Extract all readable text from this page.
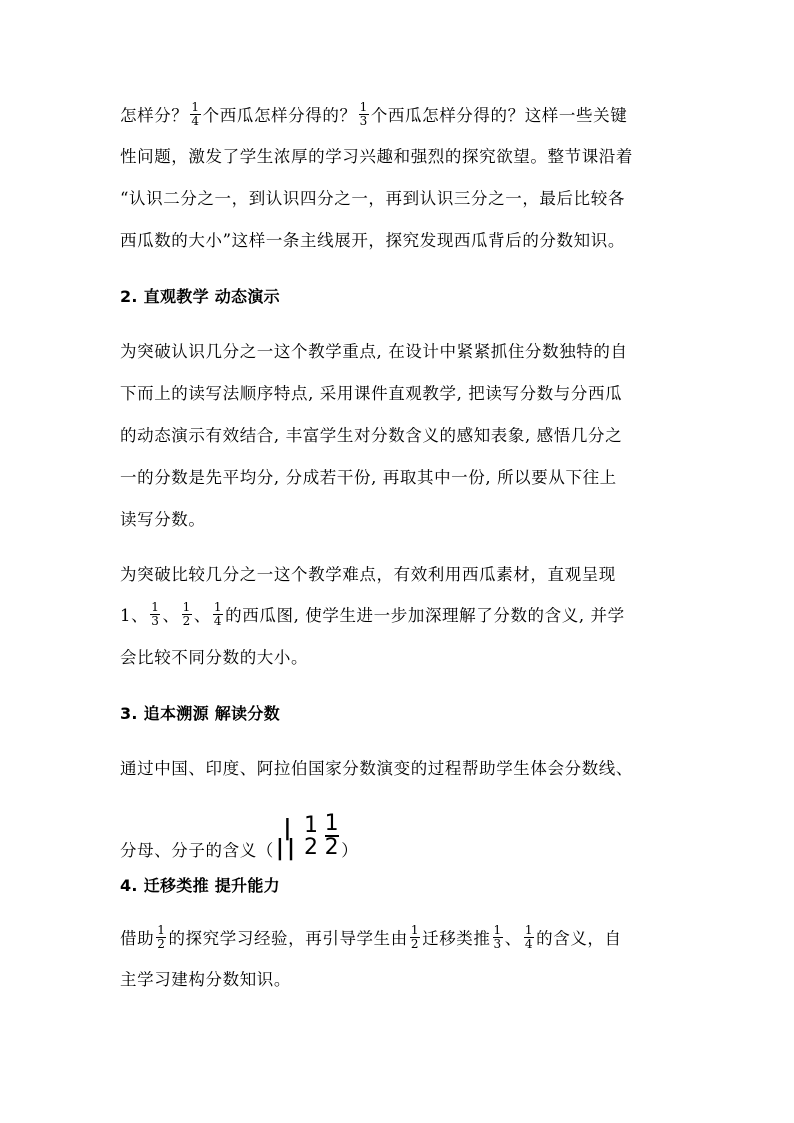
怎样分？ $\frac{1}{4}$ 个西瓜怎样分得的？ $\frac{1}{3}$ 个西瓜怎样分得的？这样一些关键
性问题，激发了学生浓厚的学习兴趣和强烈的探究欲望。整节课沿着
“认识二分之一，到认识四分之一，再到认识三分之一，最后比较各
西瓜数的大小”这样一条主线展开，探究发现西瓜背后的分数知识。
2. 直观教学 动态演示
为突破认识几分之一这个教学重点, 在设计中紧紧抓住分数独特的自
下而上的读写法顺序特点, 采用课件直观教学, 把读写分数与分西瓜
的动态演示有效结合, 丰富学生对分数含义的感知表象, 感悟几分之
一的分数是先平均分, 分成若干份, 再取其中一份, 所以要从下往上
读写分数。
为突破比较几分之一这个教学难点，有效利用西瓜素材，直观呈现
1、 $\frac{1}{3}$ 、 $\frac{1}{2}$ 、 $\frac{1}{4}$ 的西瓜图, 使学生进一步加深理解了分数的含义, 并学
会比较不同分数的大小。
3. 追本溯源 解读分数
通过中国、印度、阿拉伯国家分数演变的过程帮助学生体会分数线、
分母、分子的含义（
|
||
1
$2 \frac{1}{2}$ ）
4. 迁移类推 提升能力
借助 $\frac{1}{2}$ 的探究学习经验，再引导学生由 $\frac{1}{2}$ 迁移类推 $\frac{1}{3}$ 、 $\frac{1}{4}$ 的含义，自
主学习建构分数知识。
